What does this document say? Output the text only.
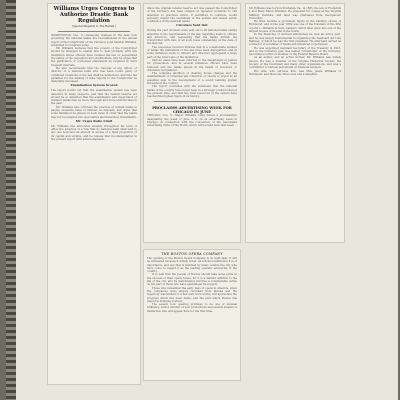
Williams Urges Congress to Authorize Drastic Bank Regulation
(Special Dispatch to The Herald.)

WASHINGTON, Dec. 6.—Sweeping changes in the laws now governing the national banks are recommended in the annual report of the Comptroller of the Currency, John Skelton Williams, submitted to Congress today.

Mr. Williams declares that the powers of the Comptroller should be enlarged to enable him to deal promptly with any institution whose officers have violated the law or jeopardized the safety of the depositors and stockholders, and he urges that the publication of condensed statements be required at more frequent intervals.

He also recommends that the removal of any officer or director of a national bank who has been found guilty of continued violations of the law shall be authorized, and that the penalties for the making of false reports to the Comptroller be materially increased.

Examination System Scored

The report points out that the examination system has been defective in many respects, and that the federal reserve act should be so amended that the examination and supervision of member banks may be more thorough and more uniform than in the past.

Mr. Williams also criticizes the practice of certain banks in paying excessive rates of interest on deposits, and urges that some limitation be placed on such rates in order that the banks may not be tempted into speculative and hazardous investments.

Mr. Urges Ratio Limit

Mr. Williams has advocated steadily throughout his term of office the adoption of a rule that no national bank shall lend to any one borrower an amount in excess of a fixed proportion of its capital and surplus, and he renews that recommendation in the present report with added emphasis.

Since the original federal reserve act was passed the Comptroller of the Currency has been obliged on repeated occasions to call attention to practices which, if permitted to continue, would seriously impair the usefulness of the system and lessen public confidence in the national banks.

Circulars Sent Out

During the year circulars were sent out to all national banks calling attention to the requirements of the law regarding loans to officers and directors, and requesting that the banks furnish the Comptroller with lists of all such loans outstanding at the date of the last call.

The responses received indicate that in a considerable number of banks the limitations of the law have been disregarded, and in some instances loans to officers and directors aggregated a large part of the total loans of the institution.

Various cases have been referred to the Department of Justice for prosecution, and in several instances officers have been removed and the banks placed in the hands of receivers or otherwise reorganized.

The complete abolition of clearing house charges and the establishment of universal par collection of checks is urged as an essential step in the development of a sound banking system throughout the country.

The report concludes with the statement that the national banks of the country have never been in a stronger position than at the present time, and that the total resources of the system have reached the highest figure in its history.

PROCLAIMS ADVERTISING WEEK FOR CHICAGO IN JUNE

CHICAGO, Nov. 5.—Mayor Williams today issued a proclamation designating the week of June 4 to 10 as advertising week in Chicago, in connection with the convention of the Associated Advertising Clubs of the World, which will be held here that week.

THE BOSTON OPERA COMPANY

The opening of the Boston Opera Company is no light task. It will be witnessed because it widely noted. As a Boston institution it is of importance, and one that is watched by many outside the city who have come to regard it as the leading operatic enterprise of the country.

It is well that the people of Boston should take some pride in the success of their opera house, for it is a distinct addition to the life of the city, and its maintenance involves a considerable outlay on the part of those who have guaranteed its support.

Those who remember the early days of opera in America, when the companies were largely recruited from abroad and the repertory was limited to a few well worn works, will appreciate the progress which has been made, and the part which Boston has played in bringing it about.

The season now opening promises to be one of unusual brilliancy, with a number of new productions and several singers of distinction who will appear here for the first time.

Mr. Williams was born in Powhatan, Va., in 1865, the son of Frederick J. and Mary Elinor Williams. He prepared for college at the Virginia Military Institute, and later was graduated from Georgetown University.

He then became a prominent figure in the banking circles of Richmond, and in the year 1889 was one of the founders of the firm of John L. Williams & Sons, bankers, which later grew into one of the largest houses of its kind in the South.

In the financing of railroad enterprises he took an active part, and he was largely instrumental in organizing the Seaboard Air Line Railway, of which he was the first president. He afterward served as a director of a number of banks and industrial corporations.

He was appointed Assistant Secretary of the Treasury in 1913, and in the following year was named Comptroller of the Currency, becoming ex-officio a member of the Federal Reserve Board.

As an author, and an active worker, Mr. Williams was widely known. He was a member of the Virginia Historical Society, the Society of the Cincinnati and many other organizations, and was a contributor to various periodicals on financial subjects.

His wife, who survives him, was Miss Jessie Williams of Richmond, and there are three sons and a daughter.
